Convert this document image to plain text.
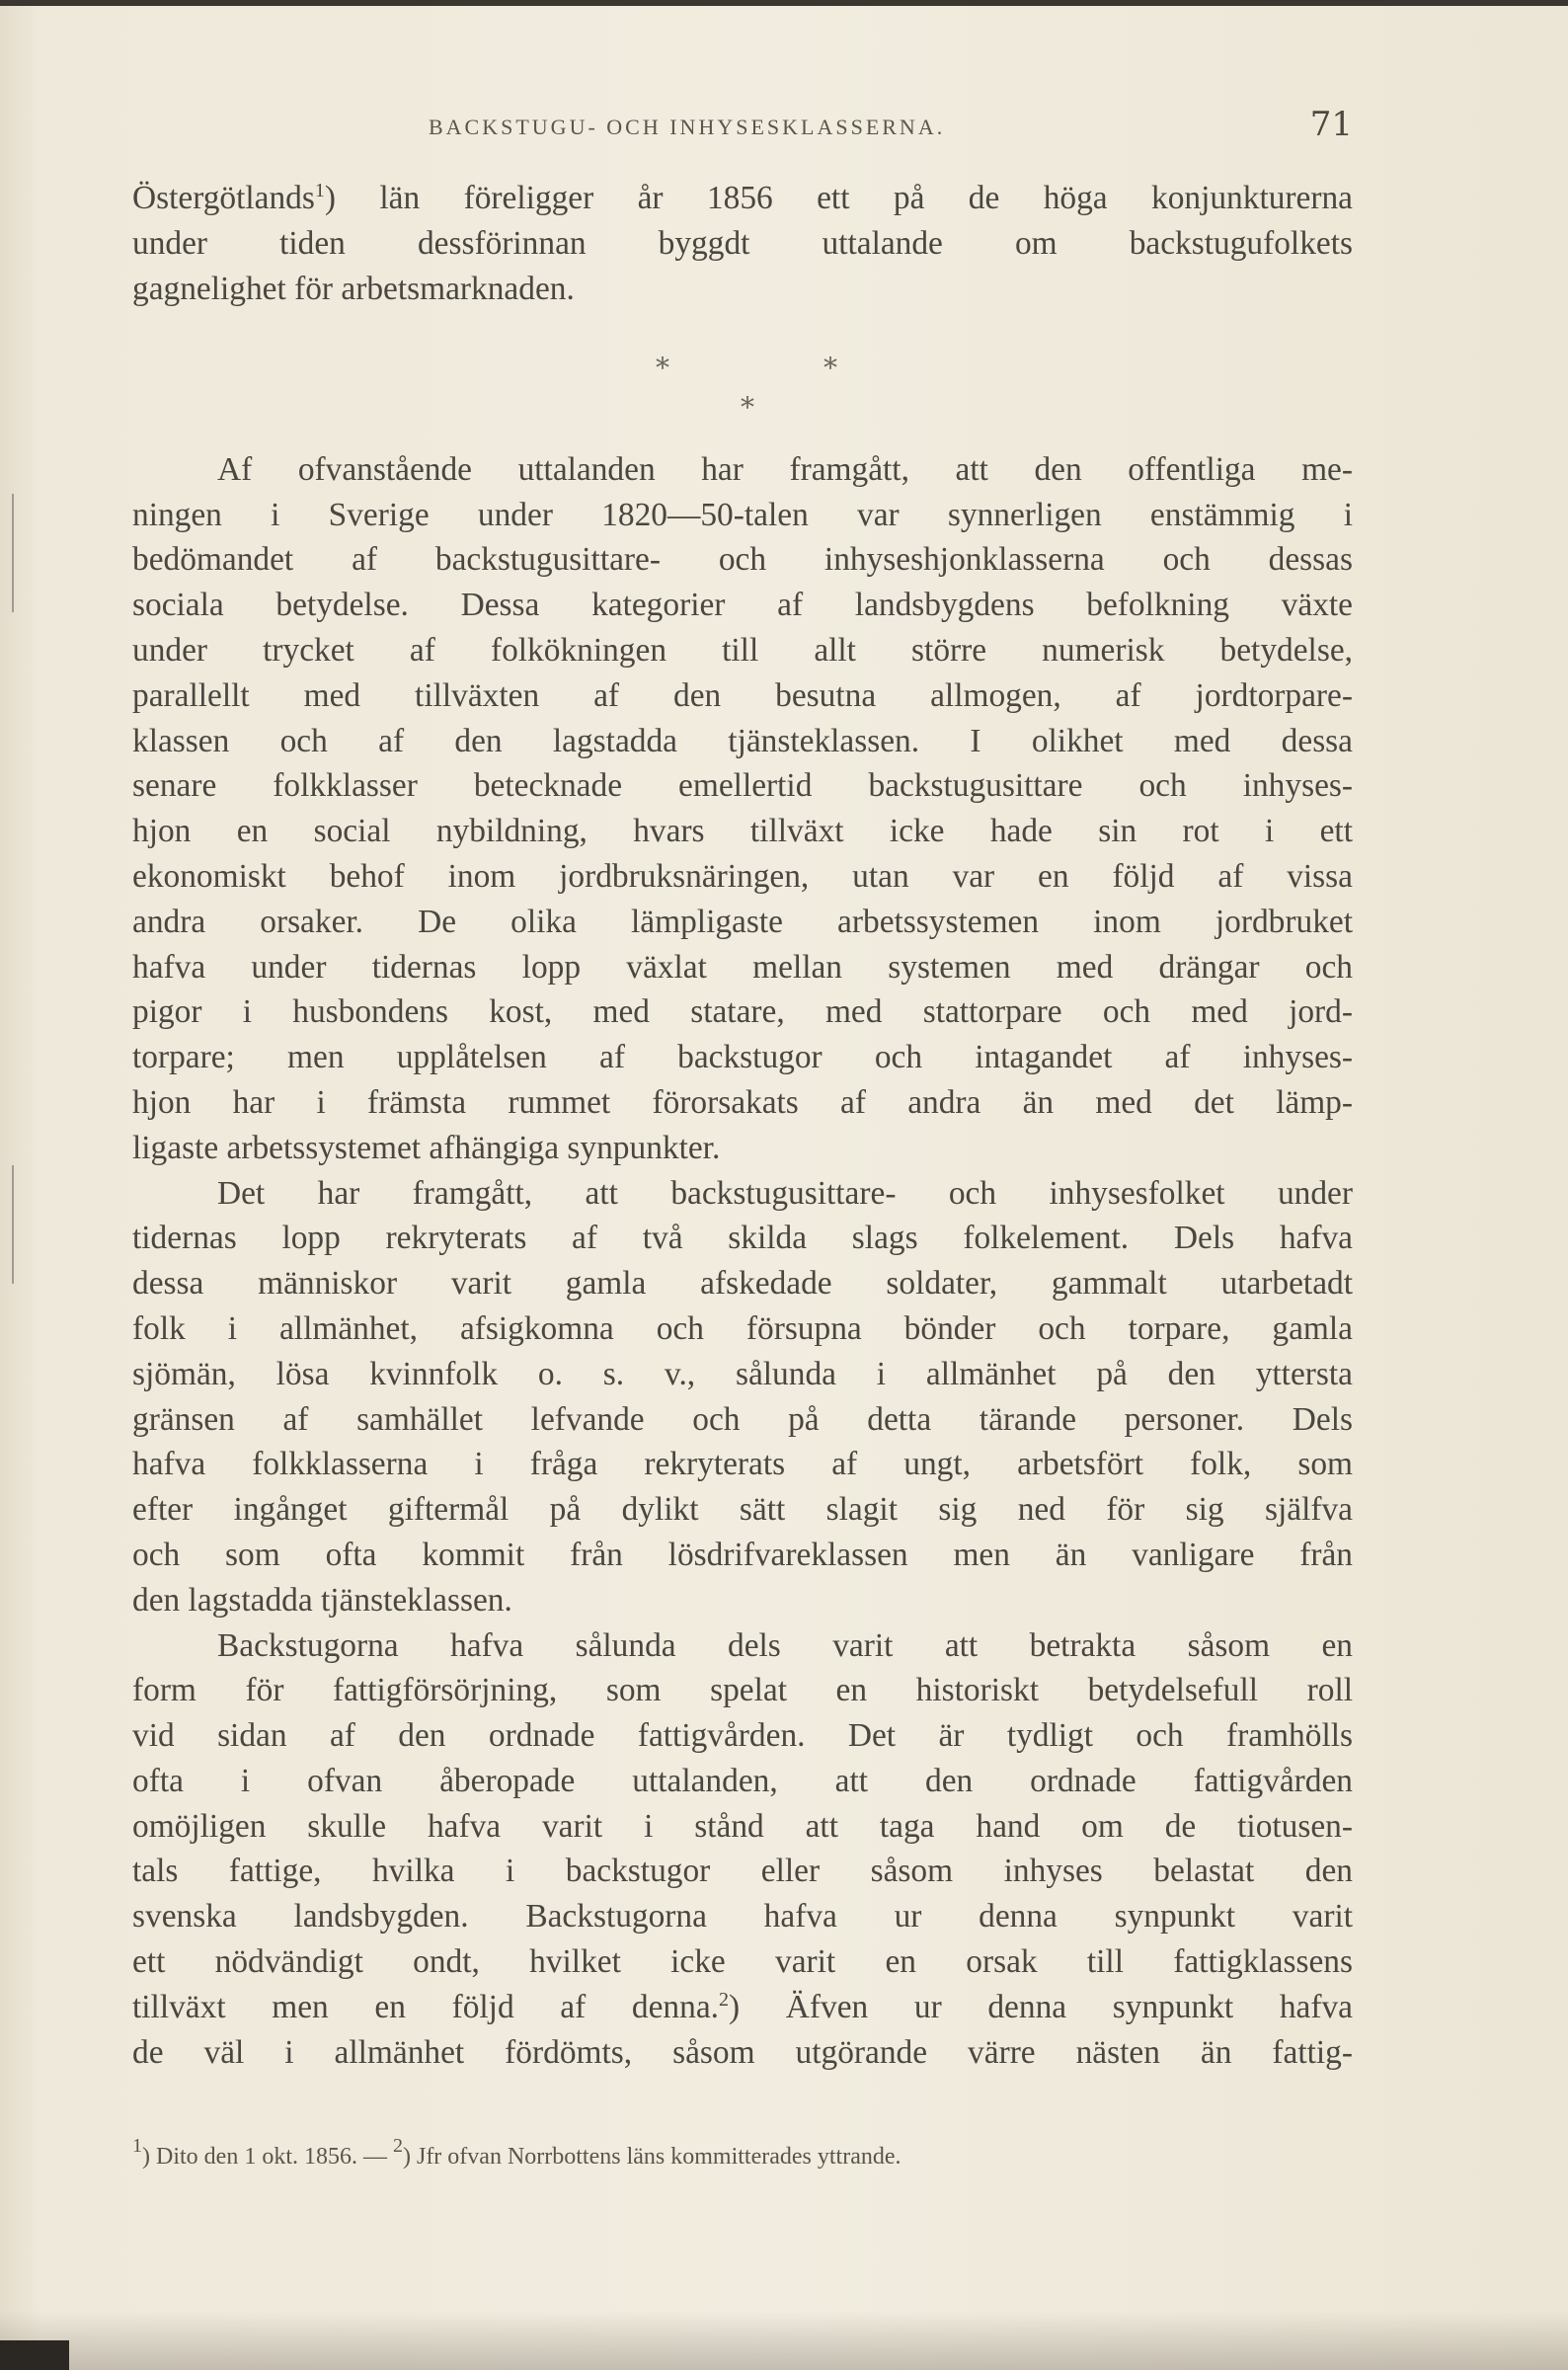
BACKSTUGU- OCH INHYSESKLASSERNA.	71
Östergötlands$^1$) län föreligger år 1856 ett på de höga konjunkturerna
under tiden dessförinnan byggdt uttalande om backstugufolkets
gagnelighet för arbetsmarknaden.
Af ofvanstående uttalanden har framgått, att den offentliga me-
ningen i Sverige under 1820—50-talen var synnerligen enstämmig i
bedömandet af backstugusittare- och inhyseshjonklasserna och dessas
sociala betydelse. Dessa kategorier af landsbygdens befolkning växte
under trycket af folkökningen till allt större numerisk betydelse,
parallellt med tillväxten af den besutna allmogen, af jordtorpare-
klassen och af den lagstadda tjänsteklassen. I olikhet med dessa
senare folkklasser betecknade emellertid backstugusittare och inhyses-
hjon en social nybildning, hvars tillväxt icke hade sin rot i ett
ekonomiskt behof inom jordbruksnäringen, utan var en följd af vissa
andra orsaker. De olika lämpligaste arbetssystemen inom jordbruket
hafva under tidernas lopp växlat mellan systemen med drängar och
pigor i husbondens kost, med statare, med stattorpare och med jord-
torpare; men upplåtelsen af backstugor och intagandet af inhyses-
hjon har i främsta rummet förorsakats af andra än med det lämp-
ligaste arbetssystemet afhängiga synpunkter.
Det har framgått, att backstugusittare- och inhysesfolket under
tidernas lopp rekryterats af två skilda slags folkelement. Dels hafva
dessa människor varit gamla afskedade soldater, gammalt utarbetadt
folk i allmänhet, afsigkomna och försupna bönder och torpare, gamla
sjömän, lösa kvinnfolk o. s. v., sålunda i allmänhet på den yttersta
gränsen af samhället lefvande och på detta tärande personer. Dels
hafva folkklasserna i fråga rekryterats af ungt, arbetsfört folk, som
efter ingånget giftermål på dylikt sätt slagit sig ned för sig själfva
och som ofta kommit från lösdrifvareklassen men än vanligare från
den lagstadda tjänsteklassen.
Backstugorna hafva sålunda dels varit att betrakta såsom en
form för fattigförsörjning, som spelat en historiskt betydelsefull roll
vid sidan af den ordnade fattigvården. Det är tydligt och framhölls
ofta i ofvan åberopade uttalanden, att den ordnade fattigvården
omöjligen skulle hafva varit i stånd att taga hand om de tiotusen-
tals fattige, hvilka i backstugor eller såsom inhyses belastat den
svenska landsbygden. Backstugorna hafva ur denna synpunkt varit
ett nödvändigt ondt, hvilket icke varit en orsak till fattigklassens
tillväxt men en följd af denna.$^2$) Äfven ur denna synpunkt hafva
de väl i allmänhet fördömts, såsom utgörande värre nästen än fattig-
*	*
*
$^1$) Dito den 1 okt. 1856. — $^2$) Jfr ofvan Norrbottens läns kommitterades yttrande.
